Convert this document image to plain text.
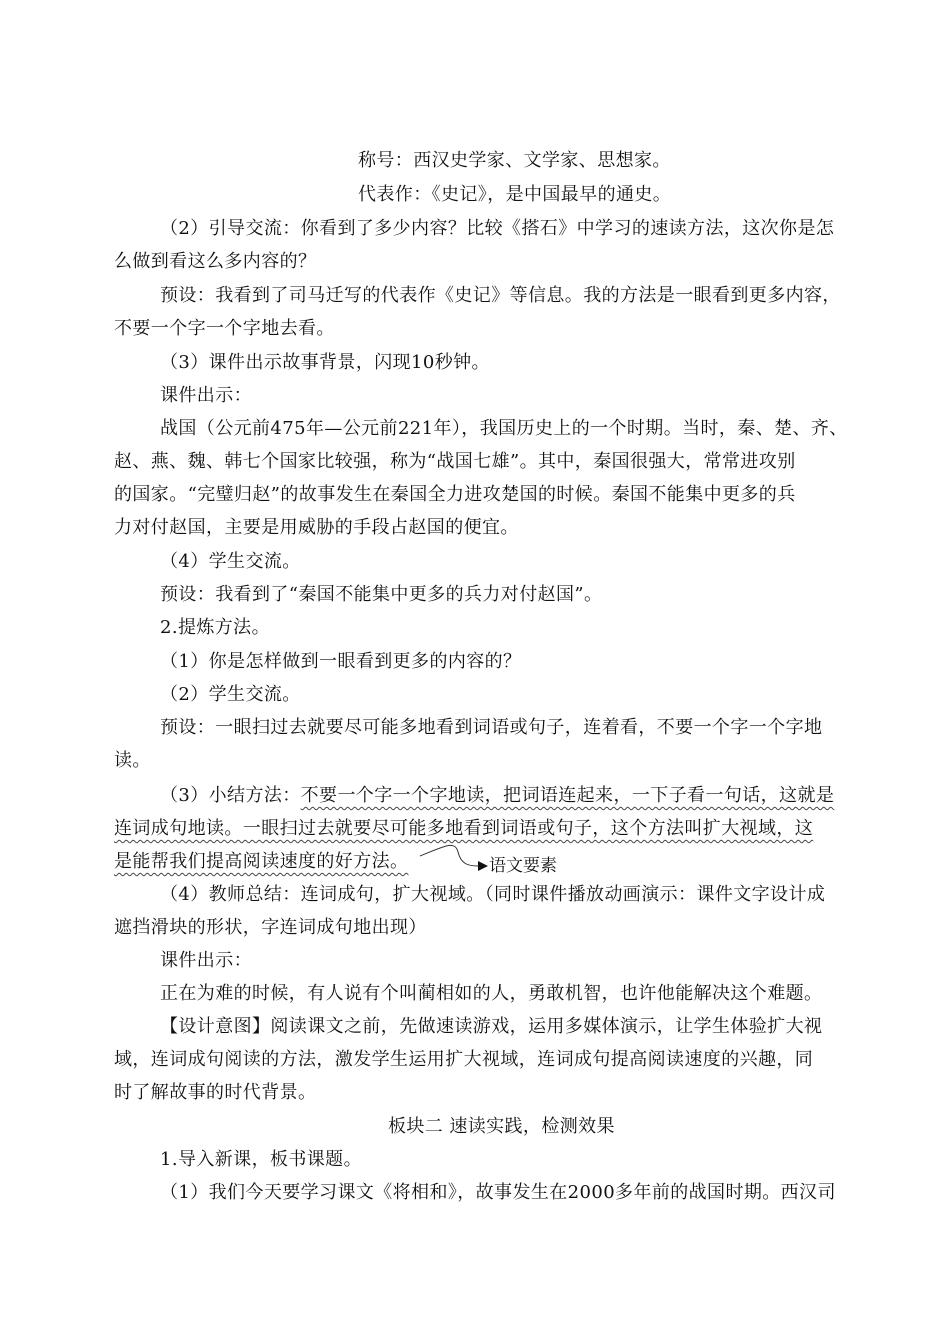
称号：西汉史学家、文学家、思想家。
代表作：《史记》，是中国最早的通史。
（2）引导交流：你看到了多少内容？比较《搭石》中学习的速读方法，这次你是怎
么做到看这么多内容的？
预设：我看到了司马迁写的代表作《史记》等信息。我的方法是一眼看到更多内容，
不要一个字一个字地去看。
（3）课件出示故事背景，闪现10秒钟。
课件出示：
战国（公元前475年—公元前221年），我国历史上的一个时期。当时，秦、楚、齐、
赵、燕、魏、韩七个国家比较强，称为“战国七雄”。其中，秦国很强大，常常进攻别
的国家。“完璧归赵”的故事发生在秦国全力进攻楚国的时候。秦国不能集中更多的兵
力对付赵国，主要是用威胁的手段占赵国的便宜。
（4）学生交流。
预设：我看到了“秦国不能集中更多的兵力对付赵国”。
2.提炼方法。
（1）你是怎样做到一眼看到更多的内容的？
（2）学生交流。
预设：一眼扫过去就要尽可能多地看到词语或句子，连着看，不要一个字一个字地
读。
（3）小结方法：不要一个字一个字地读，把词语连起来，一下子看一句话，这就是
连词成句地读。一眼扫过去就要尽可能多地看到词语或句子，这个方法叫扩大视域，这
是能帮我们提高阅读速度的好方法。
（4）教师总结：连词成句，扩大视域。（同时课件播放动画演示：课件文字设计成
遮挡滑块的形状，字连词成句地出现）
课件出示：
正在为难的时候，有人说有个叫蔺相如的人，勇敢机智，也许他能解决这个难题。
【设计意图】阅读课文之前，先做速读游戏，运用多媒体演示，让学生体验扩大视
域，连词成句阅读的方法，激发学生运用扩大视域，连词成句提高阅读速度的兴趣，同
时了解故事的时代背景。
板块二 速读实践，检测效果
1.导入新课，板书课题。
（1）我们今天要学习课文《将相和》，故事发生在2000多年前的战国时期。西汉司
语文要素
